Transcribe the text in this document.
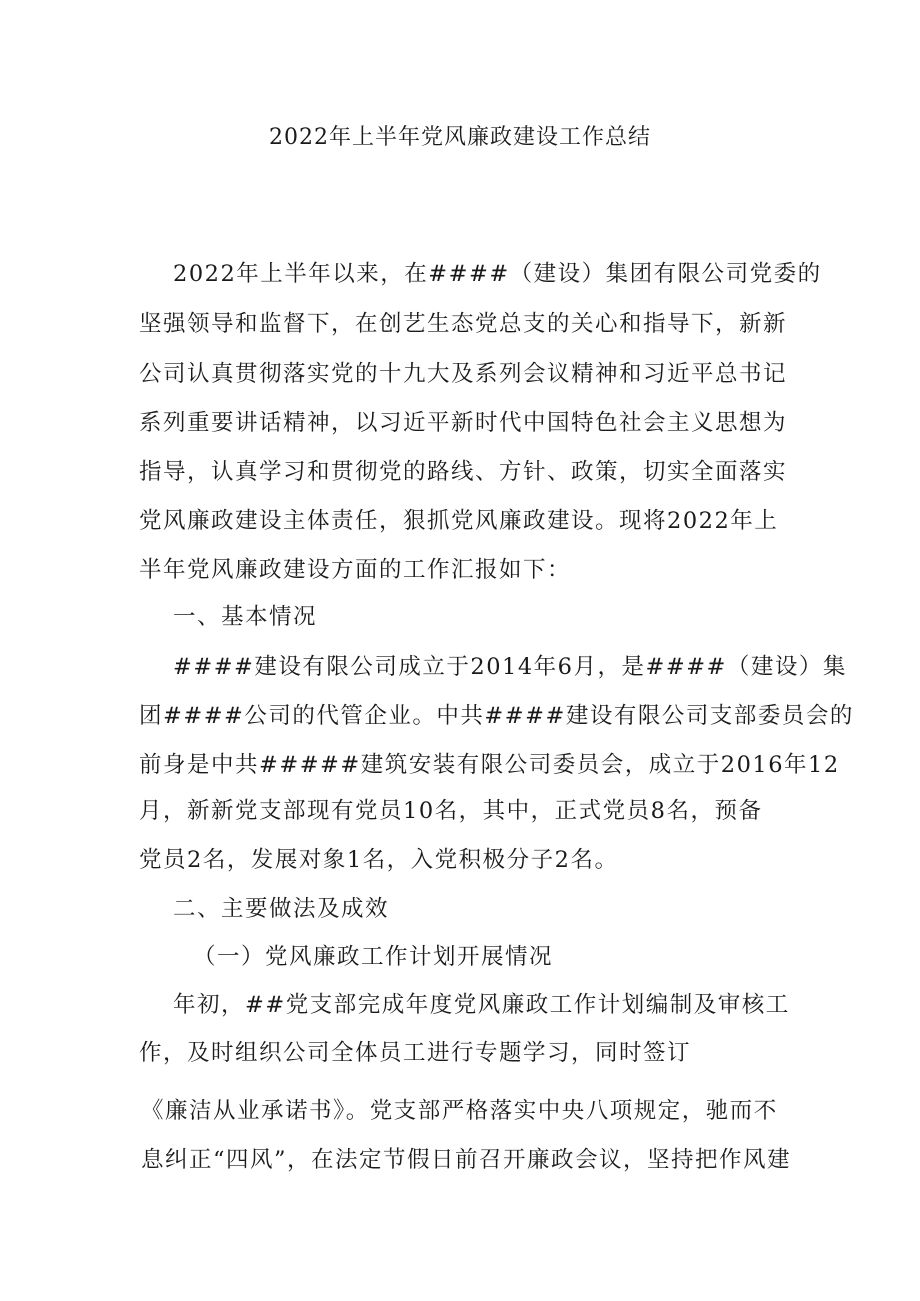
2022年上半年党风廉政建设工作总结
2022年上半年以来，在####（建设）集团有限公司党委的
坚强领导和监督下，在创艺生态党总支的关心和指导下，新新
公司认真贯彻落实党的十九大及系列会议精神和习近平总书记
系列重要讲话精神，以习近平新时代中国特色社会主义思想为
指导，认真学习和贯彻党的路线、方针、政策，切实全面落实
党风廉政建设主体责任，狠抓党风廉政建设。现将2022年上
半年党风廉政建设方面的工作汇报如下：
一、基本情况
####建设有限公司成立于2014年6月，是####（建设）集
团####公司的代管企业。中共####建设有限公司支部委员会的
前身是中共#####建筑安装有限公司委员会，成立于2016年12
月，新新党支部现有党员10名，其中，正式党员8名，预备
党员2名，发展对象1名，入党积极分子2名。
二、主要做法及成效
（一）党风廉政工作计划开展情况
年初，##党支部完成年度党风廉政工作计划编制及审核工
作，及时组织公司全体员工进行专题学习，同时签订
《廉洁从业承诺书》。党支部严格落实中央八项规定，驰而不
息纠正“四风”，在法定节假日前召开廉政会议，坚持把作风建
